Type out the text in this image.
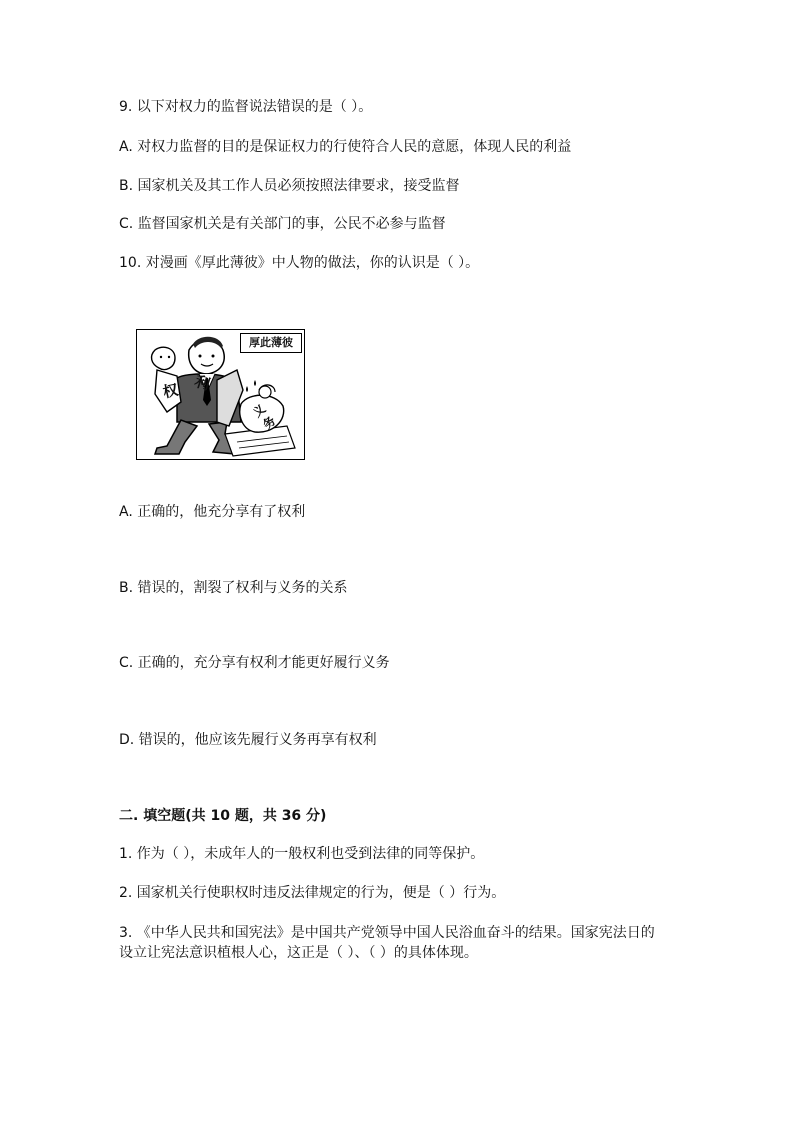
9. 以下对权力的监督说法错误的是（ ）。
A. 对权力监督的目的是保证权力的行使符合人民的意愿，体现人民的利益
B. 国家机关及其工作人员必须按照法律要求，接受监督
C. 监督国家机关是有关部门的事，公民不必参与监督
10. 对漫画《厚此薄彼》中人物的做法，你的认识是（ ）。
厚此薄彼
权 利
义
务
A. 正确的，他充分享有了权利
B. 错误的，割裂了权利与义务的关系
C. 正确的，充分享有权利才能更好履行义务
D. 错误的，他应该先履行义务再享有权利
二. 填空题(共 10 题，共 36 分)
1. 作为（ ），未成年人的一般权利也受到法律的同等保护。
2. 国家机关行使职权时违反法律规定的行为，便是（ ）行为。
3. 《中华人民共和国宪法》是中国共产党领导中国人民浴血奋斗的结果。国家宪法日的设立让宪法意识植根人心，这正是（ ）、（ ）的具体体现。
